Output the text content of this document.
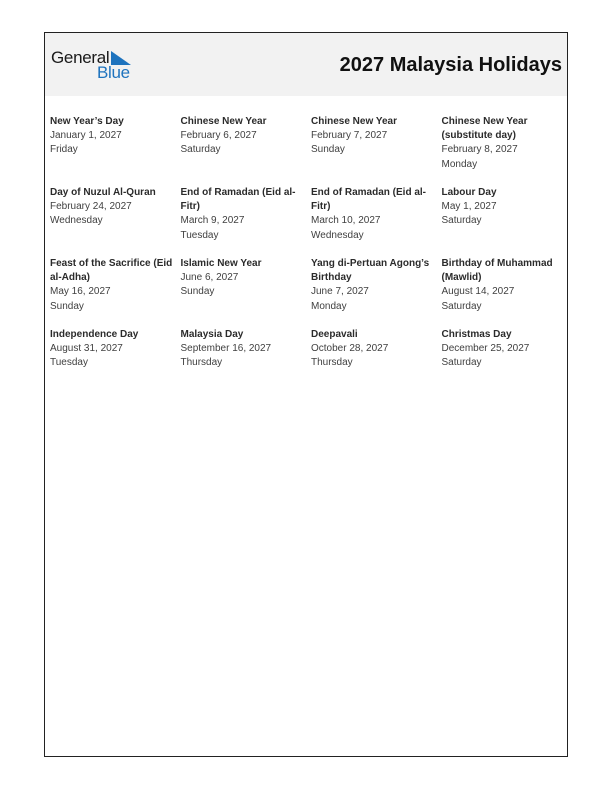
General
Blue	2027 Malaysia Holidays
New Year’s Day
January 1, 2027
Friday
Chinese New Year
February 6, 2027
Saturday
Chinese New Year
February 7, 2027
Sunday
Chinese New Year (substitute day)
February 8, 2027
Monday
Day of Nuzul Al-Quran
February 24, 2027
Wednesday
End of Ramadan (Eid al-Fitr)
March 9, 2027
Tuesday
End of Ramadan (Eid al-Fitr)
March 10, 2027
Wednesday
Labour Day
May 1, 2027
Saturday
Feast of the Sacrifice (Eid al-Adha)
May 16, 2027
Sunday
Islamic New Year
June 6, 2027
Sunday
Yang di-Pertuan Agong’s Birthday
June 7, 2027
Monday
Birthday of Muhammad (Mawlid)
August 14, 2027
Saturday
Independence Day
August 31, 2027
Tuesday
Malaysia Day
September 16, 2027
Thursday
Deepavali
October 28, 2027
Thursday
Christmas Day
December 25, 2027
Saturday
